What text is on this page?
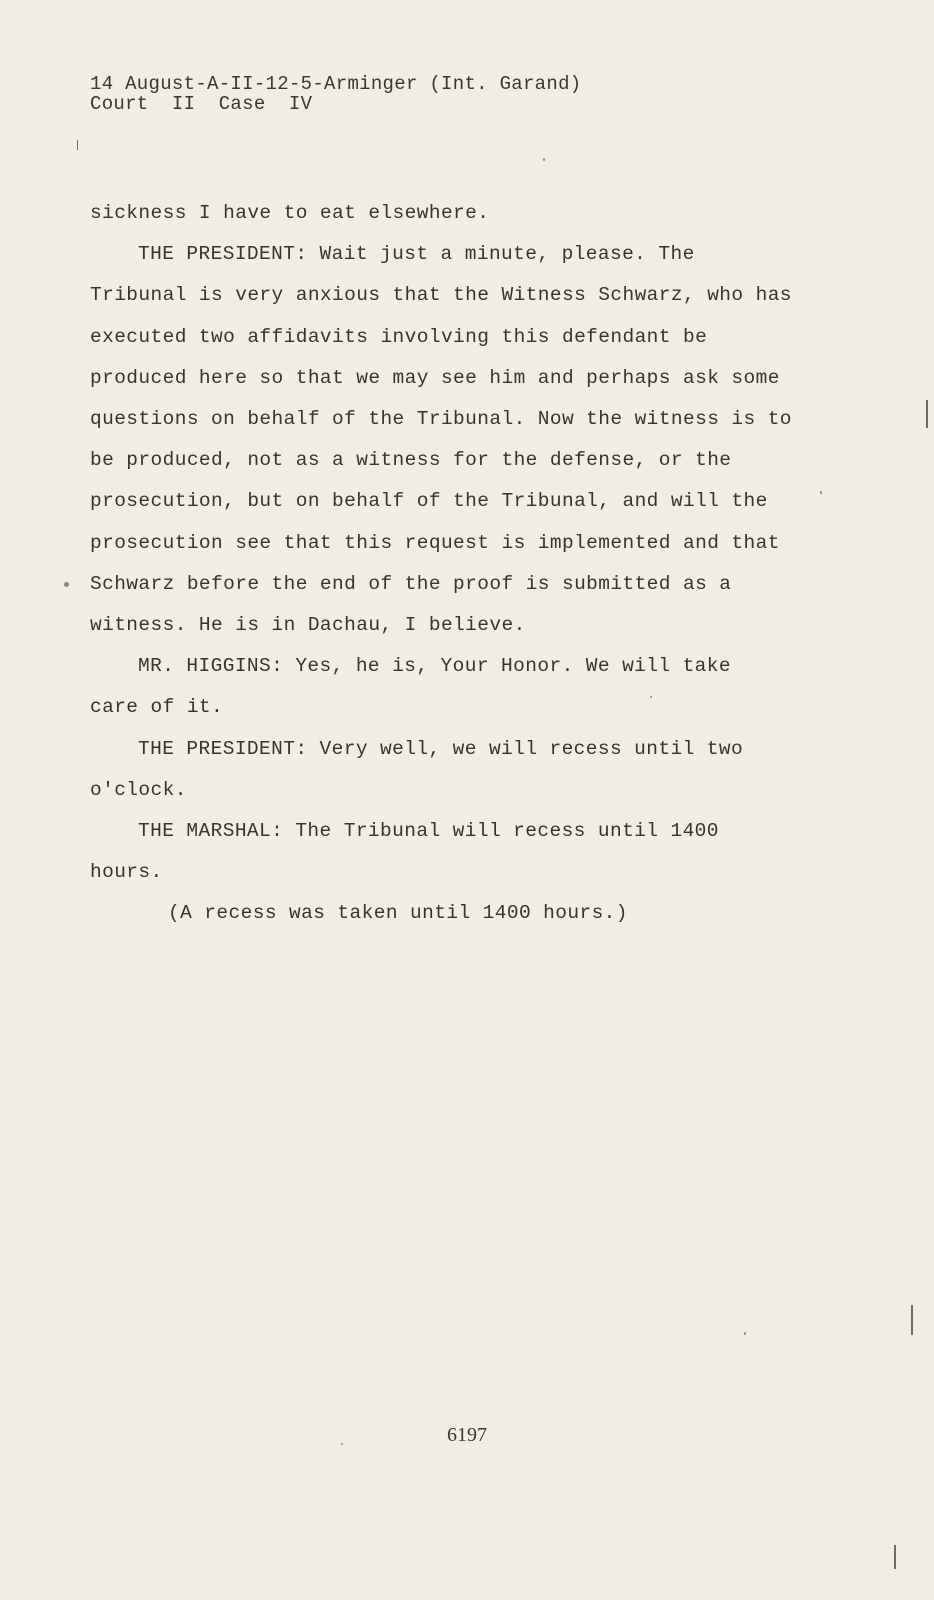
14 August-A-II-12-5-Arminger (Int. Garand)
Court  II  Case  IV

sickness I have to eat elsewhere.

THE PRESIDENT: Wait just a minute, please. The

Tribunal is very anxious that the Witness Schwarz, who has

executed two affidavits involving this defendant be

produced here so that we may see him and perhaps ask some

questions on behalf of the Tribunal. Now the witness is to

be produced, not as a witness for the defense, or the

prosecution, but on behalf of the Tribunal, and will the

prosecution see that this request is implemented and that

Schwarz before the end of the proof is submitted as a

witness. He is in Dachau, I believe.

MR. HIGGINS: Yes, he is, Your Honor. We will take

care of it.

THE PRESIDENT: Very well, we will recess until two

o'clock.

THE MARSHAL: The Tribunal will recess until 1400

hours.

(A recess was taken until 1400 hours.)

6197
